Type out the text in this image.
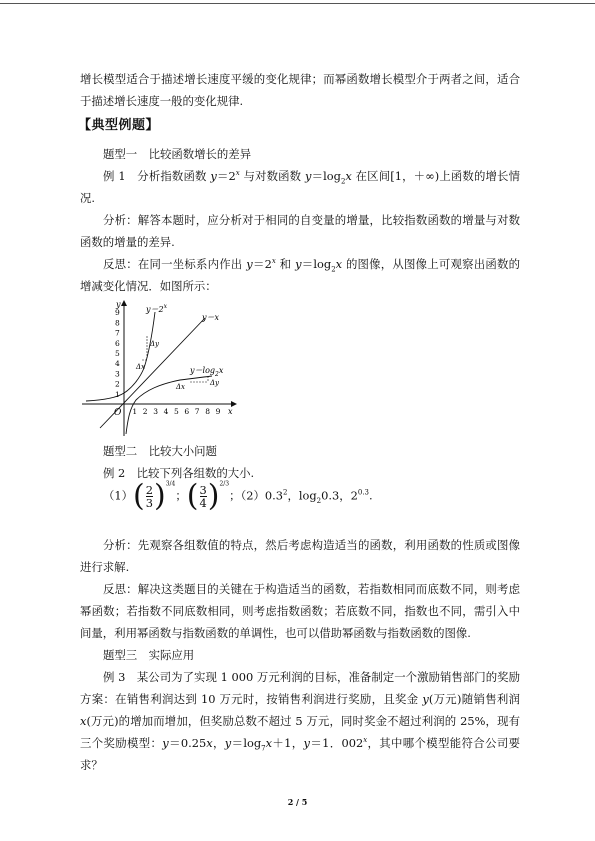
增长模型适合于描述增长速度平缓的变化规律；而幂函数增长模型介于两者之间，适合于描述增长速度一般的变化规律.

【典型例题】

题型一　比较函数增长的差异

例 1　分析指数函数 $y=2^x$ 与对数函数 $y=\log_2x$ 在区间[1，＋∞)上函数的增长情况.

分析：解答本题时，应分析对于相同的自变量的增量，比较指数函数的增量与对数函数的增量的差异.

反思：在同一坐标系内作出 $y=2^x$ 和 $y=\log_2x$ 的图像，从图像上可观察出函数的增减变化情况．如图所示：

y
x
O
1
2
3
4
5
6
7
8
9
1 2 3 4 5 6 7 8 9
$y=2^x$
y＝x
$y=\log_2x$
Δy
Δx
Δy
Δx

题型二　比较大小问题

例 2　比较下列各组数的大小.

$(1)( \frac{2}{3} )^{3/4}$；( $\frac{3}{4} )^{2/3}$；$(2)0.3^2$，$\log_20.3$，$2^{0.3}$.

分析：先观察各组数值的特点，然后考虑构造适当的函数，利用函数的性质或图像进行求解.

反思：解决这类题目的关键在于构造适当的函数，若指数相同而底数不同，则考虑幂函数；若指数不同底数相同，则考虑指数函数；若底数不同，指数也不同，需引入中间量，利用幂函数与指数函数的单调性，也可以借助幂函数与指数函数的图像.

题型三　实际应用

例 3　某公司为了实现 1 000 万元利润的目标，准备制定一个激励销售部门的奖励方案：在销售利润达到 10 万元时，按销售利润进行奖励，且奖金 y(万元)随销售利润 x(万元)的增加而增加，但奖励总数不超过 5 万元，同时奖金不超过利润的 25%，现有三个奖励模型：y＝0.25x，$y=\log_7x+1$，y＝1．002$^x$，其中哪个模型能符合公司要求？

2 / 5
